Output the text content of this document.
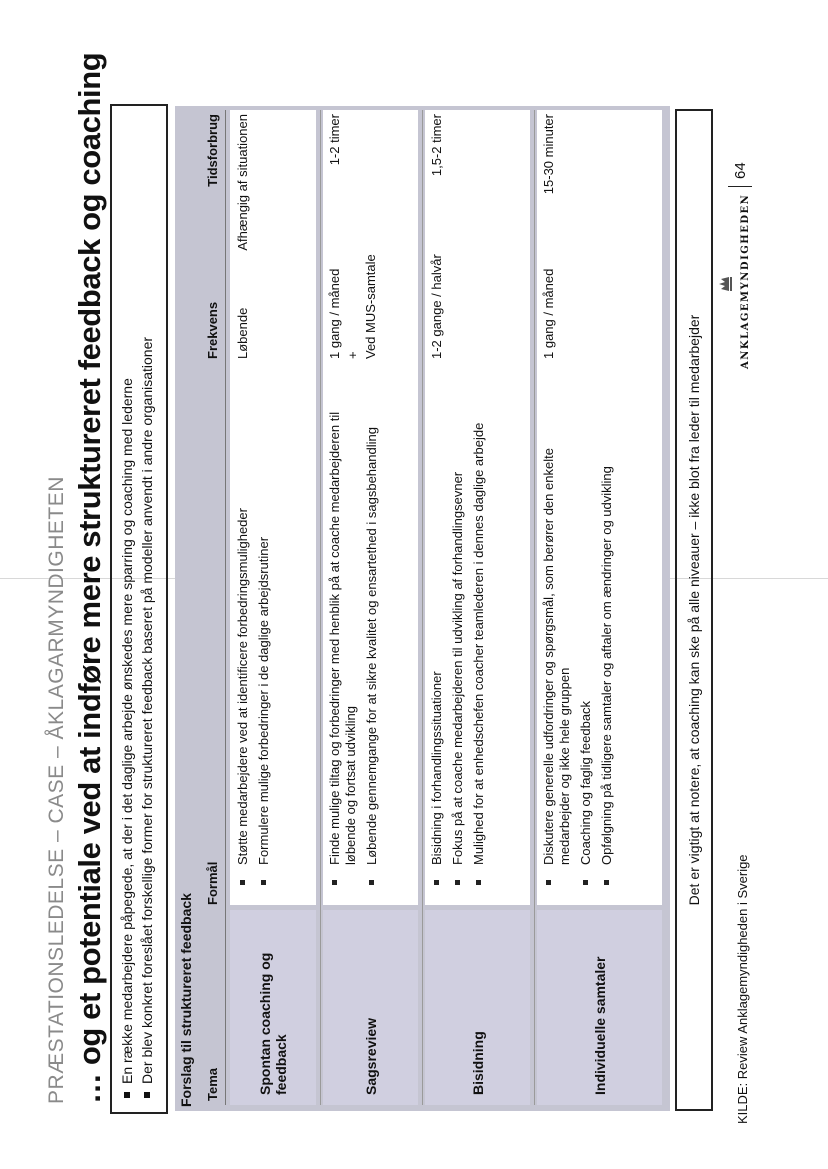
PRÆSTATIONSLEDELSE – CASE – ÅKLAGARMYNDIGHETEN … og et potentiale ved at indføre mere struktureret feedback og coaching En række medarbejdere påpegede, at der i det daglige arbejde ønskedes mere sparring og coaching med lederne Der blev konkret foreslået forskellige former for struktureret feedback baseret på modeller anvendt i andre organisationer Forslag til struktureret feedback Tema
Formål
Frekvens
Tidsforbrug
Spontan coaching og feedback
Støtte medarbejdere ved at identificere forbedringsmuligheder Formulere mulige forbedringer i de daglige arbejdsrutiner
Løbende
Afhængig af situationen
Sagsreview
Finde mulige tiltag og forbedringer med henblik på at coache medarbejderen til løbende og fortsat udvikling Løbende gennemgange for at sikre kvalitet og ensartethed i sagsbehandling
1 gang / måned + Ved MUS-samtale
1-2 timer
Bisidning
Bisidning i forhandlingssituationer Fokus på at coache medarbejderen til udvikling af forhandlingsevner Mulighed for at enhedschefen coacher teamlederen i dennes daglige arbejde
1-2 gange / halvår
1,5-2 timer
Individuelle samtaler
Diskutere generelle udfordringer og spørgsmål, som berører den enkelte medarbejder og ikke hele gruppen Coaching og faglig feedback Opfølgning på tidligere samtaler og aftaler om ændringer og udvikling
1 gang / måned
15-30 minuter
Det er vigtigt at notere, at coaching kan ske på alle niveauer – ikke blot fra leder til medarbejder
KILDE: Review Anklagemyndigheden i Sverige
ANKLAGEMYNDIGHEDEN
64
